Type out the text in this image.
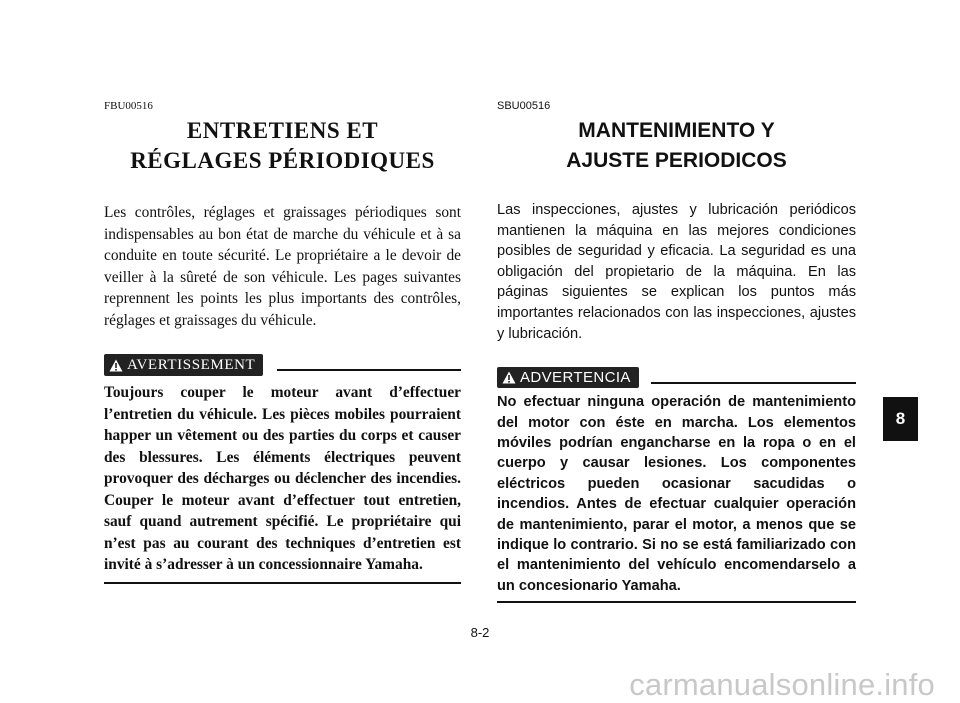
FBU00516

ENTRETIENS ET
RÉGLAGES PÉRIODIQUES

Les contrôles, réglages et graissages périodiques sont indispensables au bon état de marche du véhicule et à sa conduite en toute sécurité. Le propriétaire a le devoir de veiller à la sûreté de son véhicule. Les pages suivantes reprennent les points les plus importants des contrôles, réglages et graissages du véhicule.

AVERTISSEMENT

Toujours couper le moteur avant d’effectuer l’entretien du véhicule. Les pièces mobiles pourraient happer un vêtement ou des parties du corps et causer des blessures. Les éléments électriques peuvent provoquer des décharges ou déclencher des incendies. Couper le moteur avant d’effectuer tout entretien, sauf quand autrement spécifié. Le propriétaire qui n’est pas au courant des techniques d’entretien est invité à s’adresser à un concessionnaire Yamaha.

SBU00516

MANTENIMIENTO Y
AJUSTE PERIODICOS

Las inspecciones, ajustes y lubricación periódicos mantienen la máquina en las mejores condiciones posibles de seguridad y eficacia. La seguridad es una obligación del propietario de la máquina. En las páginas siguientes se explican los puntos más importantes relacionados con las inspecciones, ajustes y lubricación.

ADVERTENCIA

No efectuar ninguna operación de mantenimiento del motor con éste en marcha. Los elementos móviles podrían engancharse en la ropa o en el cuerpo y causar lesiones. Los componentes eléctricos pueden ocasionar sacudidas o incendios. Antes de efectuar cualquier operación de mantenimiento, parar el motor, a menos que se indique lo contrario. Si no se está familiarizado con el mantenimiento del vehículo encomendarselo a un concesionario Yamaha.

8
8-2
carmanualsonline.info
